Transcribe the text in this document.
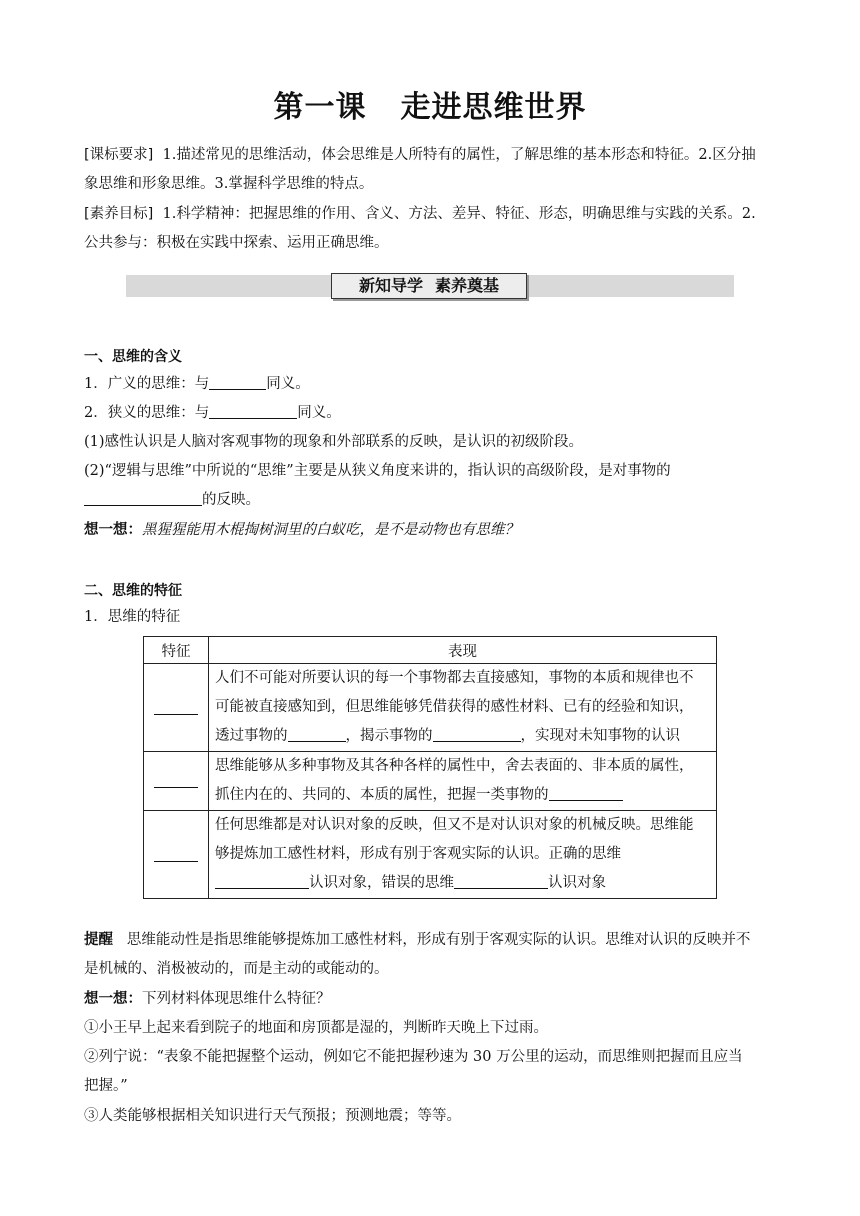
第一课 走进思维世界
[课标要求] 1.描述常见的思维活动，体会思维是人所特有的属性，了解思维的基本形态和特征。2.区分抽
象思维和形象思维。3.掌握科学思维的特点。
[素养目标] 1.科学精神：把握思维的作用、含义、方法、差异、特征、形态，明确思维与实践的关系。2.
公共参与：积极在实践中探索、运用正确思维。
新知导学 素养奠基
一、思维的含义
1．广义的思维：与	同义。
2．狭义的思维：与	同义。
(1)感性认识是人脑对客观事物的现象和外部联系的反映，是认识的初级阶段。
(2)“逻辑与思维”中所说的“思维”主要是从狭义角度来讲的，指认识的高级阶段，是对事物的
的反映。
想一想：黑猩猩能用木棍掏树洞里的白蚁吃，是不是动物也有思维？
二、思维的特征
1．思维的特征
特征	表现

	人们不可能对所要认识的每一个事物都去直接感知，事物的本质和规律也不
可能被直接感知到，但思维能够凭借获得的感性材料、已有的经验和知识，
透过事物的 ，揭示事物的 ，实现对未知事物的认识

	思维能够从多种事物及其各种各样的属性中，舍去表面的、非本质的属性，
抓住内在的、共同的、本质的属性，把握一类事物的

	任何思维都是对认识对象的反映，但又不是对认识对象的机械反映。思维能
够提炼加工感性材料，形成有别于客观实际的认识。正确的思维
认识对象，错误的思维 认识对象
提醒 思维能动性是指思维能够提炼加工感性材料，形成有别于客观实际的认识。思维对认识的反映并不
是机械的、消极被动的，而是主动的或能动的。
想一想：下列材料体现思维什么特征？
①小王早上起来看到院子的地面和房顶都是湿的，判断昨天晚上下过雨。
②列宁说：“表象不能把握整个运动，例如它不能把握秒速为 30 万公里的运动，而思维则把握而且应当
把握。”
③人类能够根据相关知识进行天气预报；预测地震；等等。
